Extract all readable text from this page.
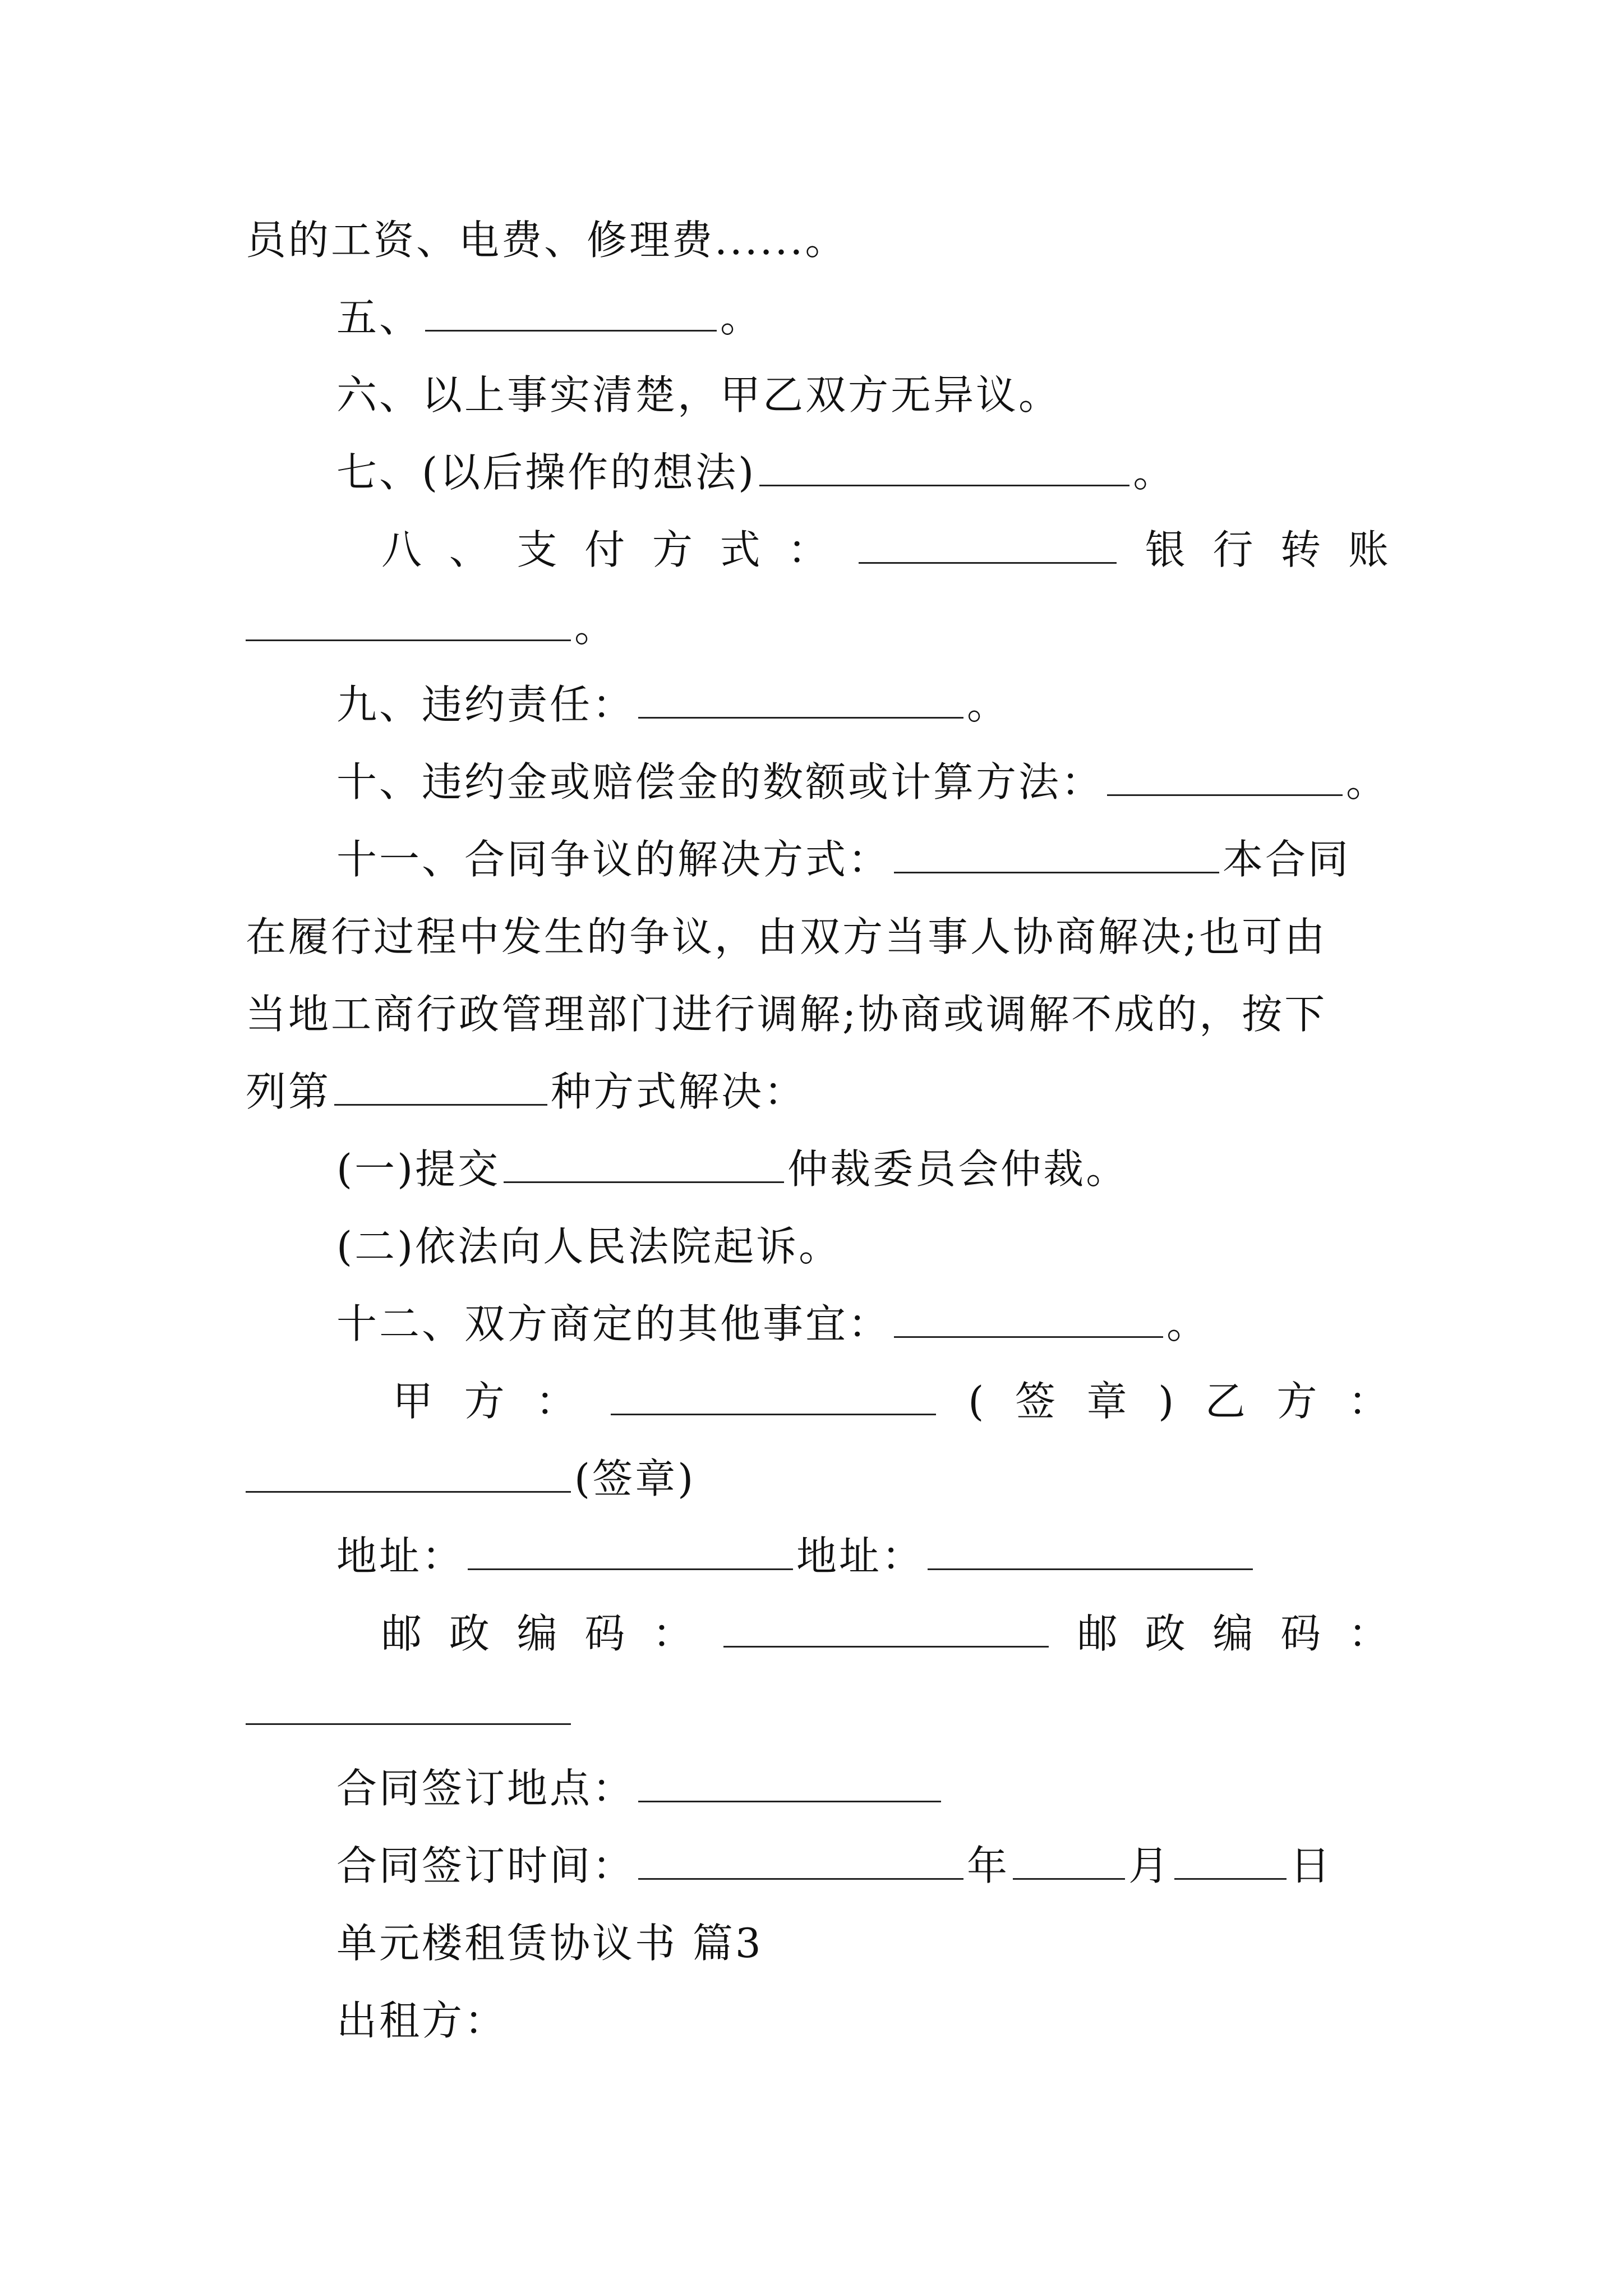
员的工资、电费、修理费......。
五、	。
六、以上事实清楚，甲乙双方无异议。
七、(以后操作的想法)	。
八 、 支 付 方 式 ：	银 行 转 账
。
九、违约责任：	。
十、违约金或赔偿金的数额或计算方法：	。
十一、合同争议的解决方式：	本合同
在履行过程中发生的争议，由双方当事人协商解决;也可由
当地工商行政管理部门进行调解;协商或调解不成的，按下
列第	种方式解决：
(一)提交	仲裁委员会仲裁。
(二)依法向人民法院起诉。
十二、双方商定的其他事宜：	。
甲 方 ：	( 签 章 ) 乙 方 ：
(签章)
地址：	地址：
邮 政 编 码 ：	邮 政 编 码 ：
合同签订地点：
合同签订时间：	年	月	日
单元楼租赁协议书 篇3
出租方：
